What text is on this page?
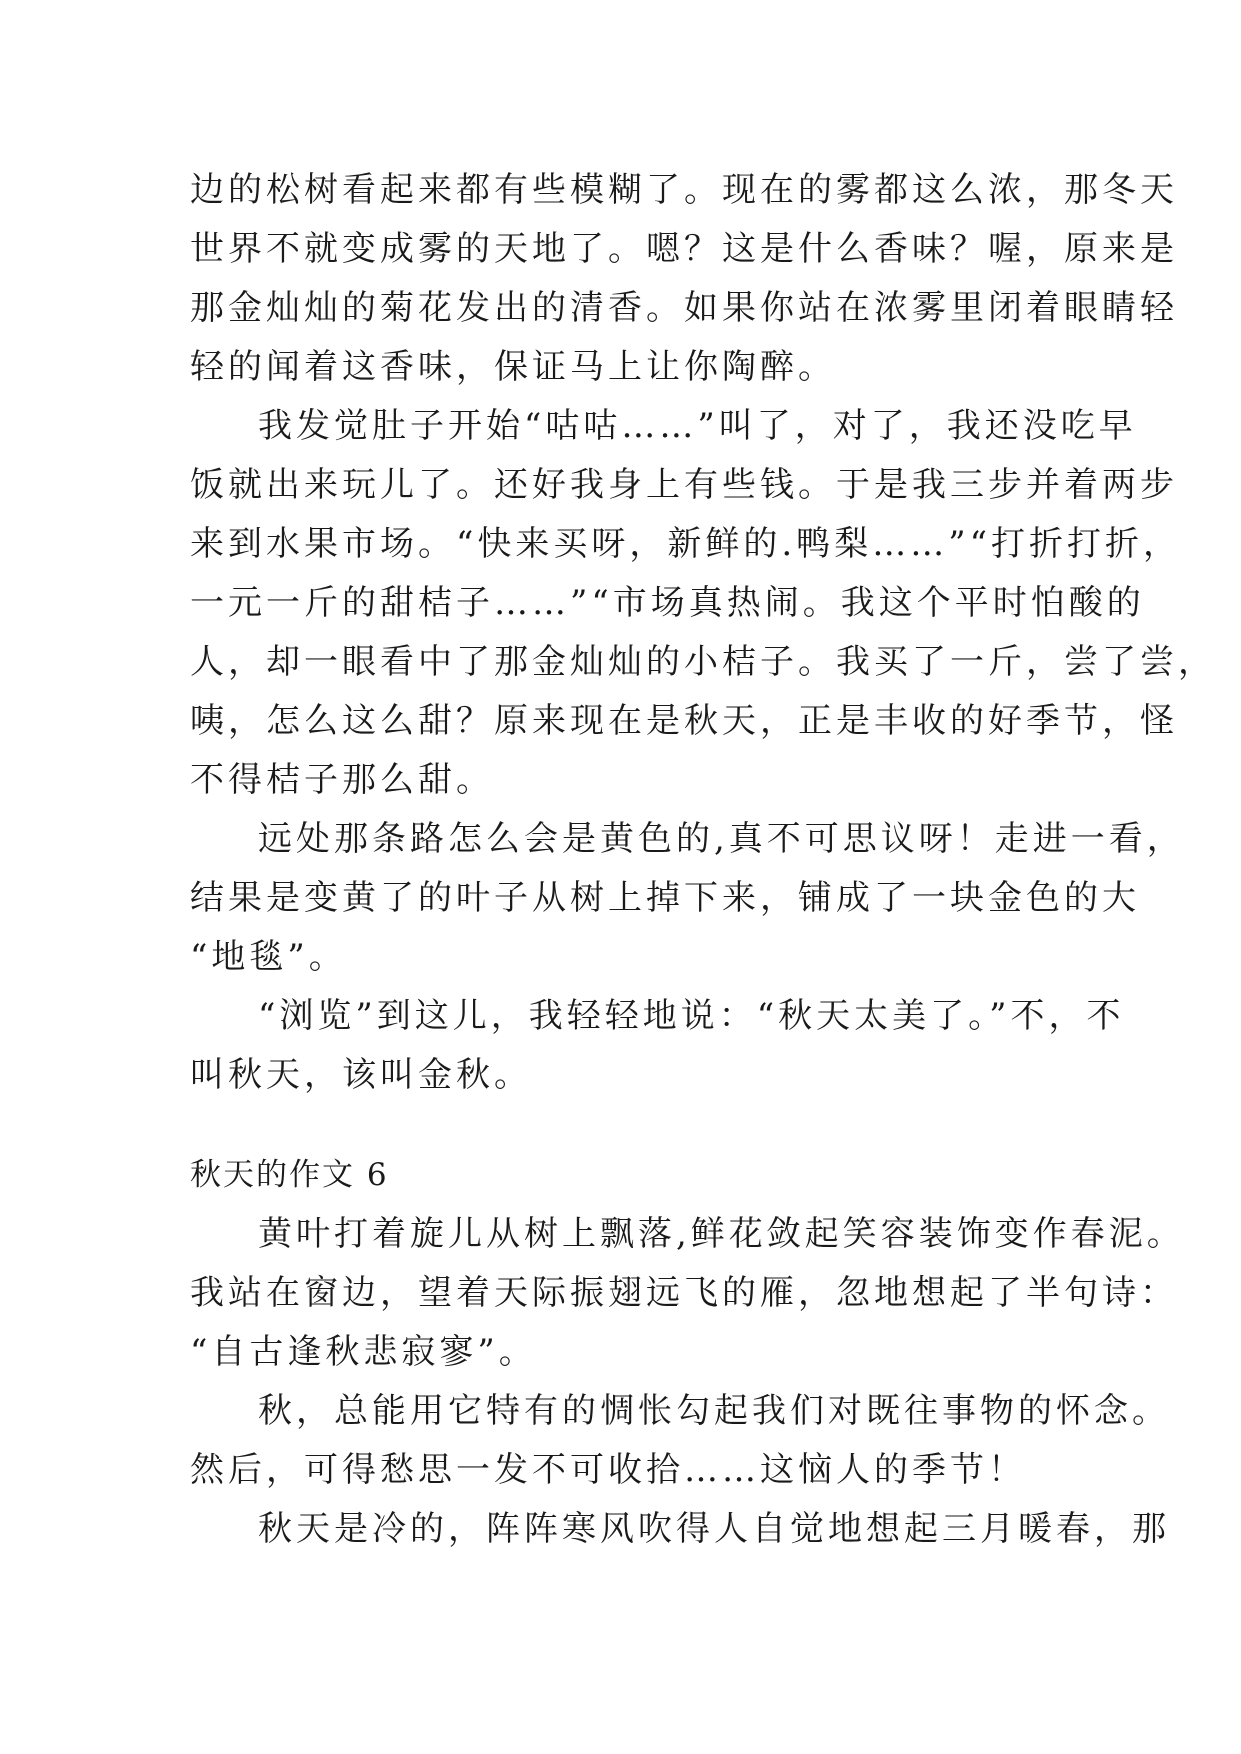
边的松树看起来都有些模糊了。现在的雾都这么浓，那冬天
世界不就变成雾的天地了。嗯？这是什么香味？喔，原来是
那金灿灿的菊花发出的清香。如果你站在浓雾里闭着眼睛轻
轻的闻着这香味，保证马上让你陶醉。
我发觉肚子开始“咕咕……”叫了，对了，我还没吃早
饭就出来玩儿了。还好我身上有些钱。于是我三步并着两步
来到水果市场。“快来买呀，新鲜的.鸭梨……”“打折打折，
一元一斤的甜桔子……”“市场真热闹。我这个平时怕酸的
人，却一眼看中了那金灿灿的小桔子。我买了一斤，尝了尝，
咦，怎么这么甜？原来现在是秋天，正是丰收的好季节，怪
不得桔子那么甜。
远处那条路怎么会是黄色的,真不可思议呀！走进一看，
结果是变黄了的叶子从树上掉下来，铺成了一块金色的大
“地毯”。
“浏览”到这儿，我轻轻地说：“秋天太美了。”不，不
叫秋天，该叫金秋。
秋天的作文 6
黄叶打着旋儿从树上飘落,鲜花敛起笑容装饰变作春泥。
我站在窗边，望着天际振翅远飞的雁，忽地想起了半句诗：
“自古逢秋悲寂寥”。
秋，总能用它特有的惆怅勾起我们对既往事物的怀念。
然后，可得愁思一发不可收拾……这恼人的季节！
秋天是冷的，阵阵寒风吹得人自觉地想起三月暖春，那
